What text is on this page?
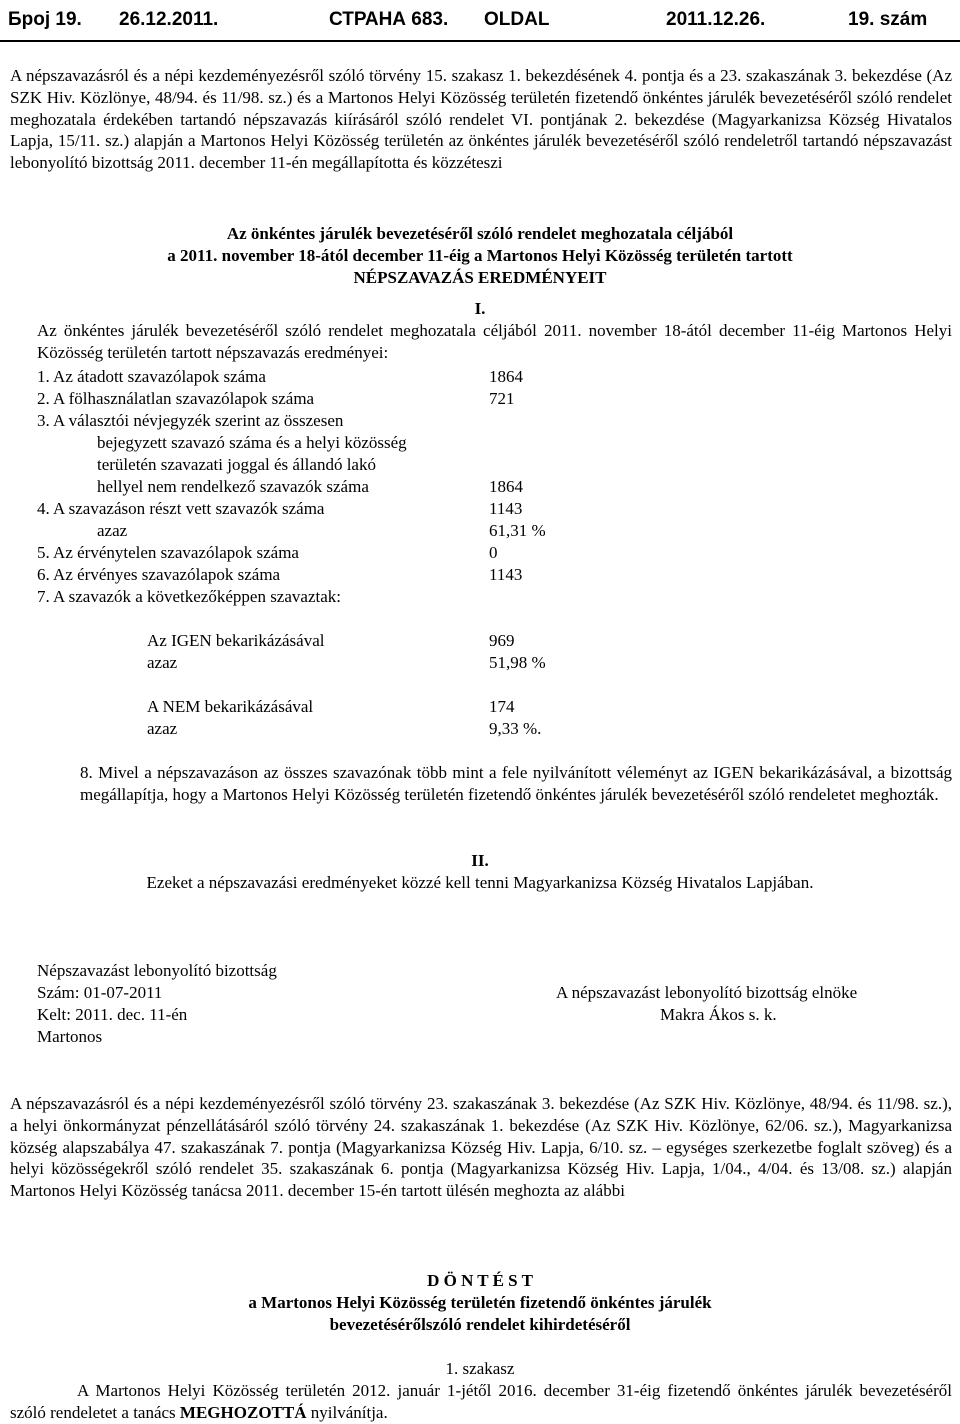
Број 19. 26.12.2011.	СТРАНА 683. OLDAL	2011.12.26.	19. szám
A népszavazásról és a népi kezdeményezésről szóló törvény 15. szakasz 1. bekezdésének 4. pontja és a 23. szakaszának 3. bekezdése (Az SZK Hiv. Közlönye, 48/94. és 11/98. sz.) és a Martonos Helyi Közösség területén fizetendő önkéntes járulék bevezetéséről szóló rendelet meghozatala érdekében tartandó népszavazás kiírásáról szóló rendelet VI. pontjának 2. bekezdése (Magyarkanizsa Község Hivatalos Lapja, 15/11. sz.) alapján a Martonos Helyi Közösség területén az önkéntes járulék bevezetéséről szóló rendeletről tartandó népszavazást lebonyolító bizottság 2011. december 11-én megállapította és közzéteszi
Az önkéntes járulék bevezetéséről szóló rendelet meghozatala céljából
a 2011. november 18-ától december 11-éig a Martonos Helyi Közösség területén tartott
NÉPSZAVAZÁS EREDMÉNYEIT
I.
Az önkéntes járulék bevezetéséről szóló rendelet meghozatala céljából 2011. november 18-ától december 11-éig Martonos Helyi Közösség területén tartott népszavazás eredményei:
1. Az átadott szavazólapok száma	1864
2. A fölhasználatlan szavazólapok száma	721
3. A választói névjegyzék szerint az összesen
bejegyzett szavazó száma és a helyi közösség
területén szavazati joggal és állandó lakó
hellyel nem rendelkező szavazók száma	1864
4. A szavazáson részt vett szavazók száma	1143
azaz	61,31 %
5. Az érvénytelen szavazólapok száma	0
6. Az érvényes szavazólapok száma	1143
7. A szavazók a következőképpen szavaztak:
Az IGEN bekarikázásával	969
azaz	51,98 %
A NEM bekarikázásával	174
azaz	9,33 %.
8. Mivel a népszavazáson az összes szavazónak több mint a fele nyilvánított véleményt az IGEN bekarikázásával, a bizottság megállapítja, hogy a Martonos Helyi Közösség területén fizetendő önkéntes járulék bevezetéséről szóló rendeletet meghozták.
II.
Ezeket a népszavazási eredményeket közzé kell tenni Magyarkanizsa Község Hivatalos Lapjában.
Népszavazást lebonyolító bizottság
Szám: 01-07-2011
Kelt: 2011. dec. 11-én
Martonos
A népszavazást lebonyolító bizottság elnöke
Makra Ákos s. k.
A népszavazásról és a népi kezdeményezésről szóló törvény 23. szakaszának 3. bekezdése (Az SZK Hiv. Közlönye, 48/94. és 11/98. sz.), a helyi önkormányzat pénzellátásáról szóló törvény 24. szakaszának 1. bekezdése (Az SZK Hiv. Közlönye, 62/06. sz.), Magyarkanizsa község alapszabálya 47. szakaszának 7. pontja (Magyarkanizsa Község Hiv. Lapja, 6/10. sz. – egységes szerkezetbe foglalt szöveg) és a helyi közösségekről szóló rendelet 35. szakaszának 6. pontja (Magyarkanizsa Község Hiv. Lapja, 1/04., 4/04. és 13/08. sz.) alapján Martonos Helyi Közösség tanácsa 2011. december 15-én tartott ülésén meghozta az alábbi
D Ö N T É S T
a Martonos Helyi Közösség területén fizetendő önkéntes járulék
bevezetésérőlszóló rendelet kihirdetéséről
1. szakasz
A Martonos Helyi Közösség területén 2012. január 1-jétől 2016. december 31-éig fizetendő önkéntes járulék bevezetéséről szóló rendeletet a tanács MEGHOZOTTÁ nyilvánítja.
